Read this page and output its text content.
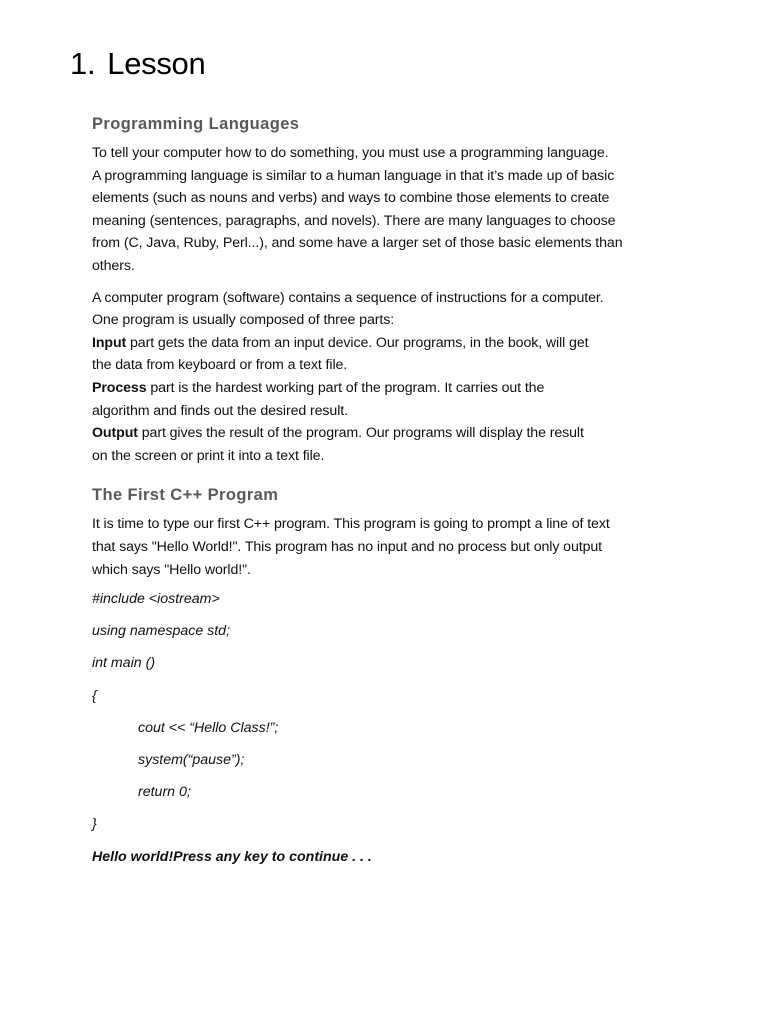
1. Lesson
Programming Languages

To tell your computer how to do something, you must use a programming language.
A programming language is similar to a human language in that it’s made up of basic
elements (such as nouns and verbs) and ways to combine those elements to create
meaning (sentences, paragraphs, and novels). There are many languages to choose
from (C, Java, Ruby, Perl...), and some have a larger set of those basic elements than
others.

A computer program (software) contains a sequence of instructions for a computer.
One program is usually composed of three parts:
Input part gets the data from an input device. Our programs, in the book, will get
the data from keyboard or from a text file.
Process part is the hardest working part of the program. It carries out the
algorithm and finds out the desired result.
Output part gives the result of the program. Our programs will display the result
on the screen or print it into a text file.

The First C++ Program

It is time to type our first C++ program. This program is going to prompt a line of text
that says "Hello World!". This program has no input and no process but only output
which says "Hello world!".

#include <iostream>

using namespace std;

int main ()

{

cout << “Hello Class!”;

system(“pause”);

return 0;

}

Hello world!Press any key to continue . . .
